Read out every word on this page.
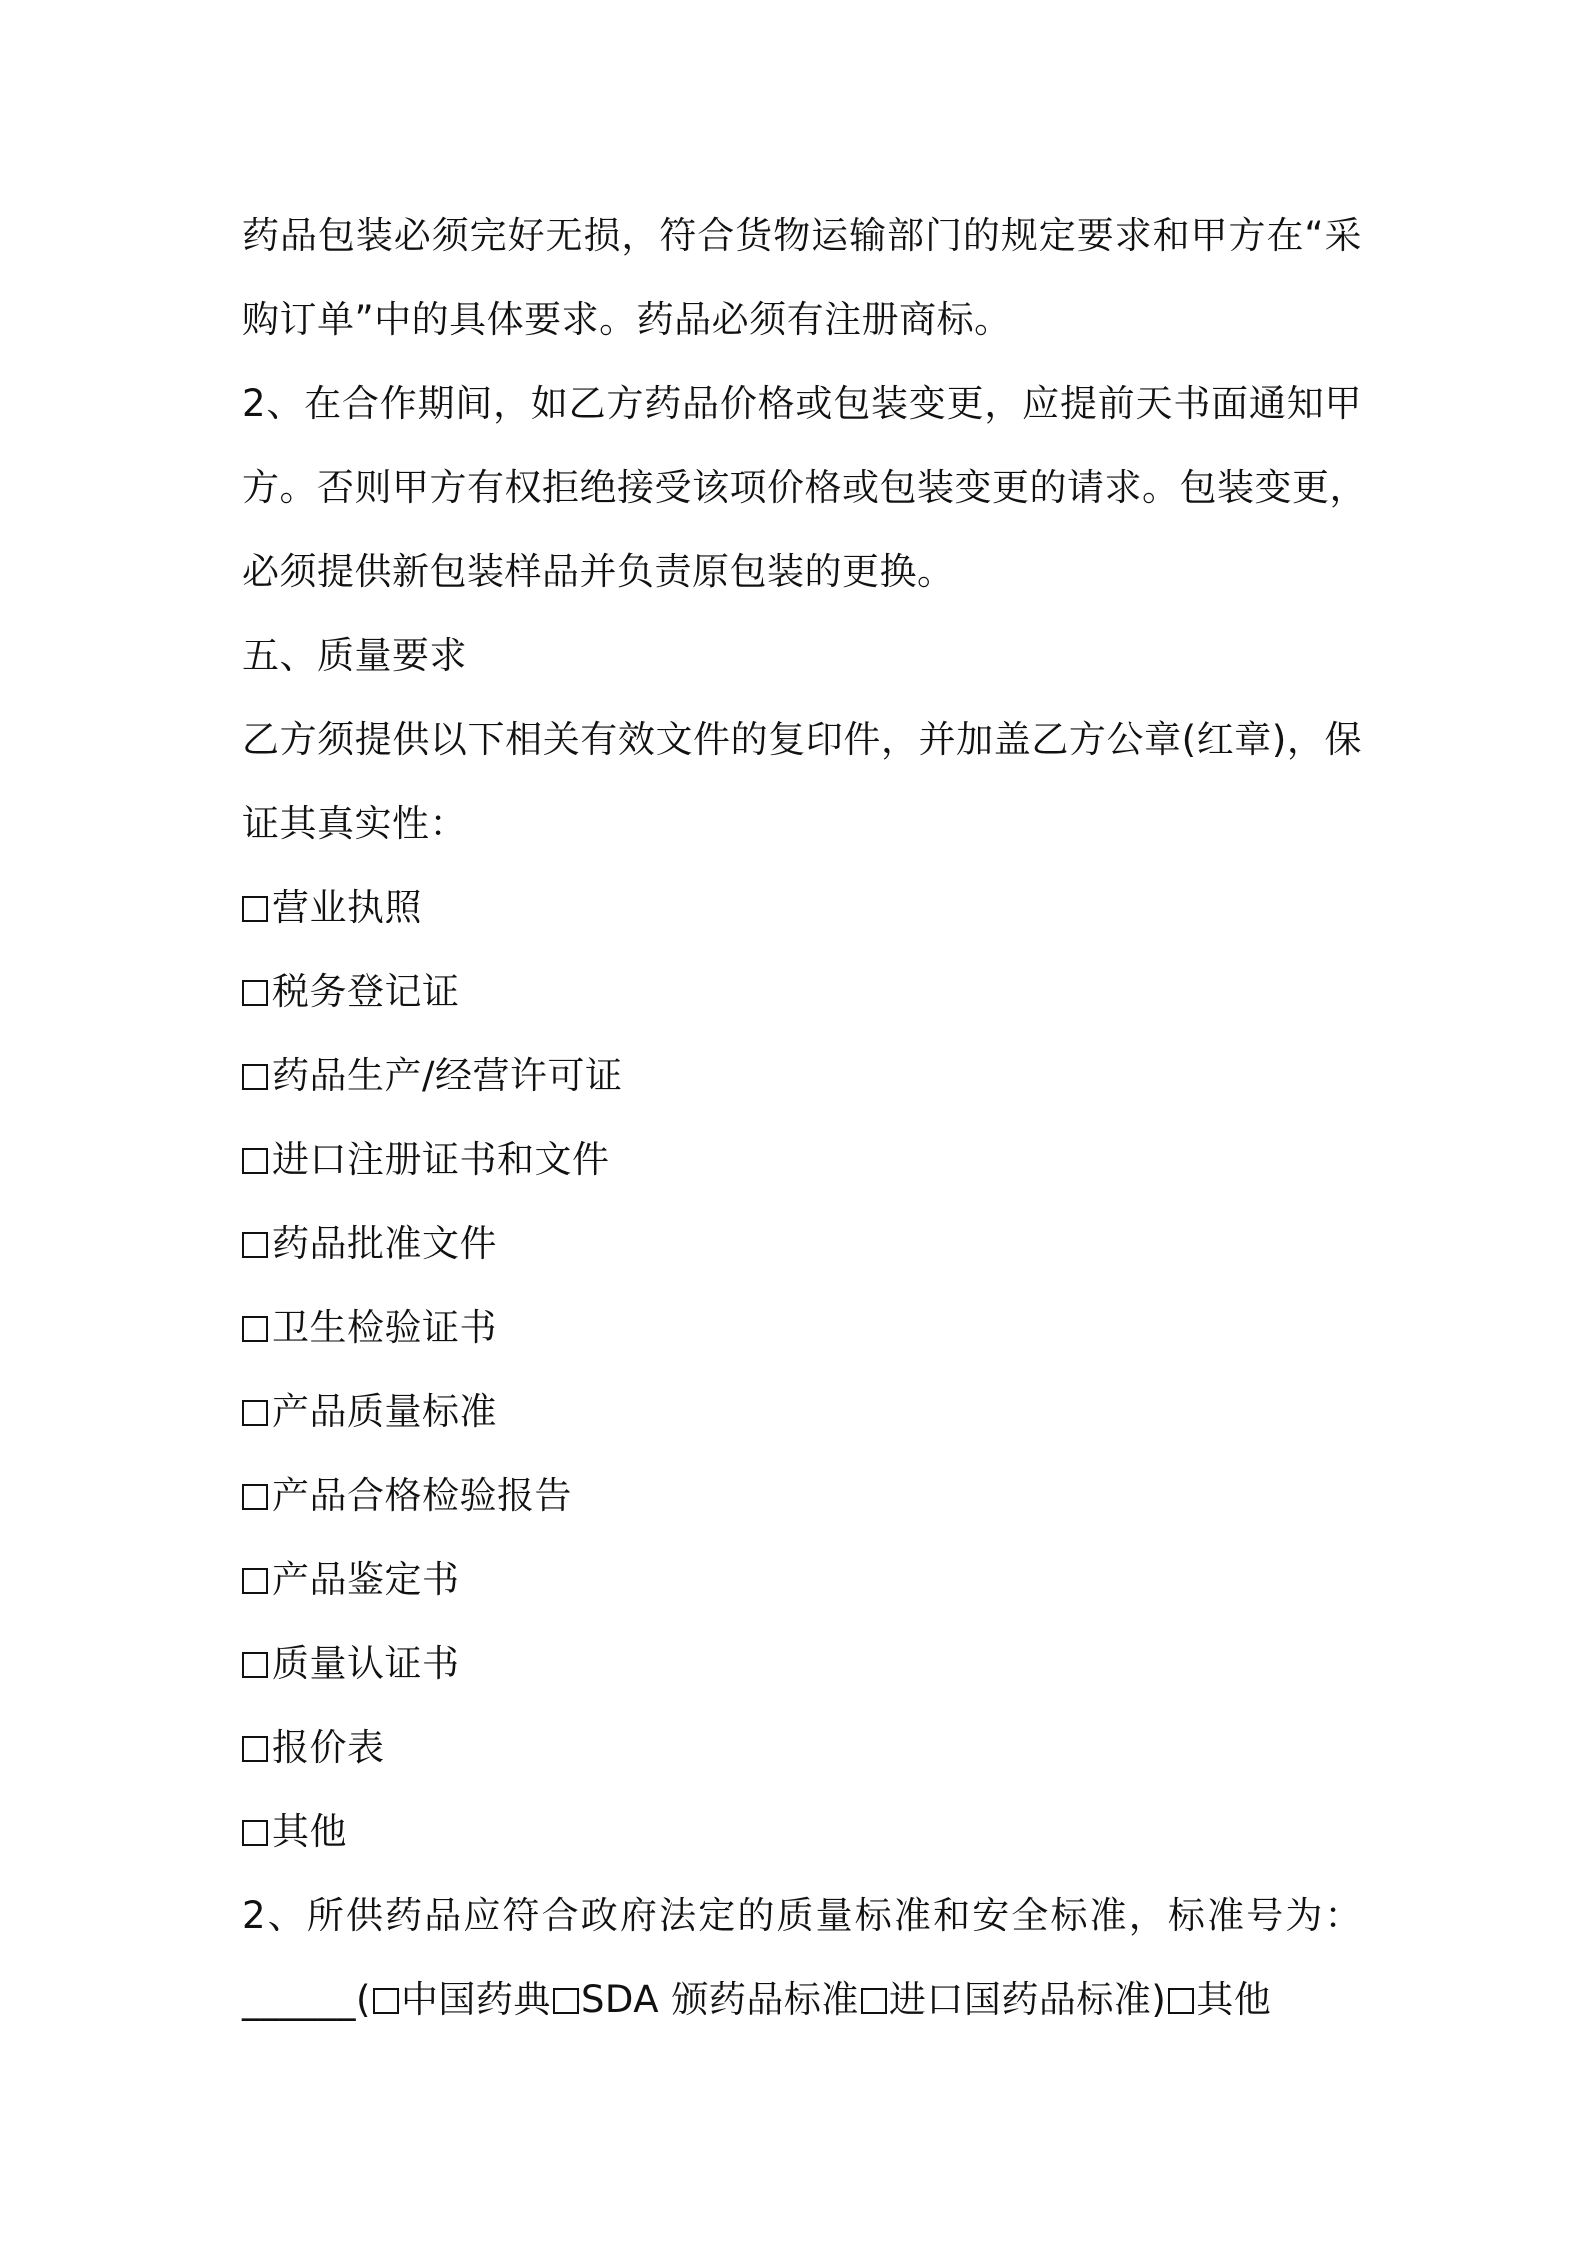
药品包装必须完好无损，符合货物运输部门的规定要求和甲方在“采
购订单”中的具体要求。药品必须有注册商标。
2、在合作期间，如乙方药品价格或包装变更，应提前天书面通知甲
方。否则甲方有权拒绝接受该项价格或包装变更的请求。包装变更，
必须提供新包装样品并负责原包装的更换。
五、质量要求
乙方须提供以下相关有效文件的复印件，并加盖乙方公章(红章)，保
证其真实性：
营业执照
税务登记证
药品生产/经营许可证
进口注册证书和文件
药品批准文件
卫生检验证书
产品质量标准
产品合格检验报告
产品鉴定书
质量认证书
报价表
其他
2、所供药品应符合政府法定的质量标准和安全标准，标准号为：
______( 中国药典 SDA 颁药品标准 进口国药品标准) 其他
